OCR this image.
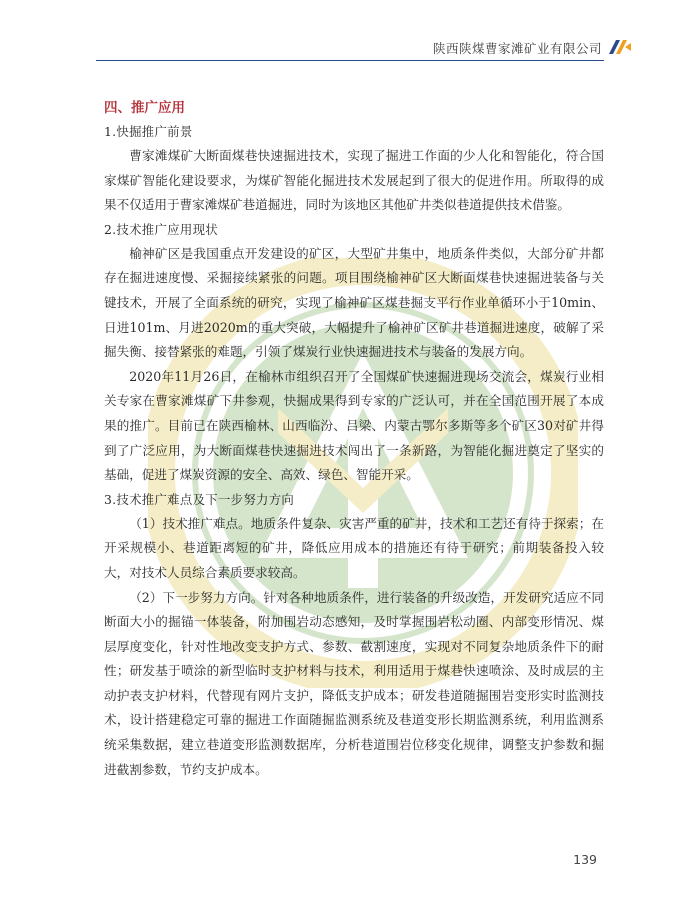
陕西陕煤曹家滩矿业有限公司
四、推广应用

1.快掘推广前景

曹家滩煤矿大断面煤巷快速掘进技术，实现了掘进工作面的少人化和智能化，符合国家煤矿智能化建设要求，为煤矿智能化掘进技术发展起到了很大的促进作用。所取得的成果不仅适用于曹家滩煤矿巷道掘进，同时为该地区其他矿井类似巷道提供技术借鉴。

2.技术推广应用现状

榆神矿区是我国重点开发建设的矿区，大型矿井集中，地质条件类似，大部分矿井都存在掘进速度慢、采掘接续紧张的问题。项目围绕榆神矿区大断面煤巷快速掘进装备与关键技术，开展了全面系统的研究，实现了榆神矿区煤巷掘支平行作业单循环小于10min、日进101m、月进2020m的重大突破，大幅提升了榆神矿区矿井巷道掘进速度，破解了采掘失衡、接替紧张的难题，引领了煤炭行业快速掘进技术与装备的发展方向。

2020年11月26日，在榆林市组织召开了全国煤矿快速掘进现场交流会，煤炭行业相关专家在曹家滩煤矿下井参观，快掘成果得到专家的广泛认可，并在全国范围开展了本成果的推广。目前已在陕西榆林、山西临汾、吕梁、内蒙古鄂尔多斯等多个矿区30对矿井得到了广泛应用，为大断面煤巷快速掘进技术闯出了一条新路，为智能化掘进奠定了坚实的基础，促进了煤炭资源的安全、高效、绿色、智能开采。

3.技术推广难点及下一步努力方向

（1）技术推广难点。地质条件复杂、灾害严重的矿井，技术和工艺还有待于探索；在开采规模小、巷道距离短的矿井，降低应用成本的措施还有待于研究；前期装备投入较大，对技术人员综合素质要求较高。

（2）下一步努力方向。针对各种地质条件，进行装备的升级改造，开发研究适应不同断面大小的掘锚一体装备，附加围岩动态感知，及时掌握围岩松动圈、内部变形情况、煤层厚度变化，针对性地改变支护方式、参数、截割速度，实现对不同复杂地质条件下的耐性；研发基于喷涂的新型临时支护材料与技术，利用适用于煤巷快速喷涂、及时成层的主动护表支护材料，代替现有网片支护，降低支护成本；研发巷道随掘围岩变形实时监测技术，设计搭建稳定可靠的掘进工作面随掘监测系统及巷道变形长期监测系统，利用监测系统采集数据，建立巷道变形监测数据库，分析巷道围岩位移变化规律，调整支护参数和掘进截割参数，节约支护成本。

139
